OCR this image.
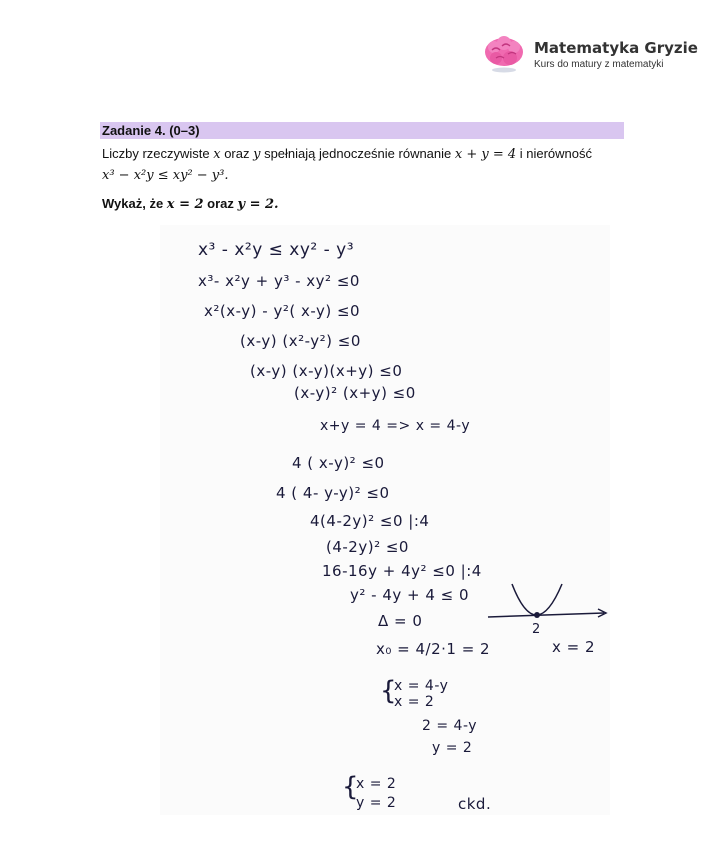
Matematyka Gryzie
Kurs do matury z matematyki
Zadanie 4. (0–3)
Liczby rzeczywiste x oraz y spełniają jednocześnie równanie x + y = 4 i nierówność
x³ − x²y ≤ xy² − y³.
Wykaż, że x = 2 oraz y = 2.
x³ - x²y ≤ xy² - y³
x³- x²y + y³ - xy² ≤0
x²(x-y) - y²( x-y) ≤0
(x-y) (x²-y²) ≤0
(x-y) (x-y)(x+y) ≤0
(x-y)² (x+y) ≤0
x+y = 4 => x = 4-y
4 ( x-y)² ≤0
4 ( 4- y-y)² ≤0
4(4-2y)² ≤0 |:4
(4-2y)² ≤0
16-16y + 4y² ≤0 |:4
y² - 4y + 4 ≤ 0
Δ = 0
x₀ = 4/2·1 = 2
{
x = 4-y
x = 2
2 = 4-y
y = 2
{
x = 2
y = 2	ckd.
2
x = 2
